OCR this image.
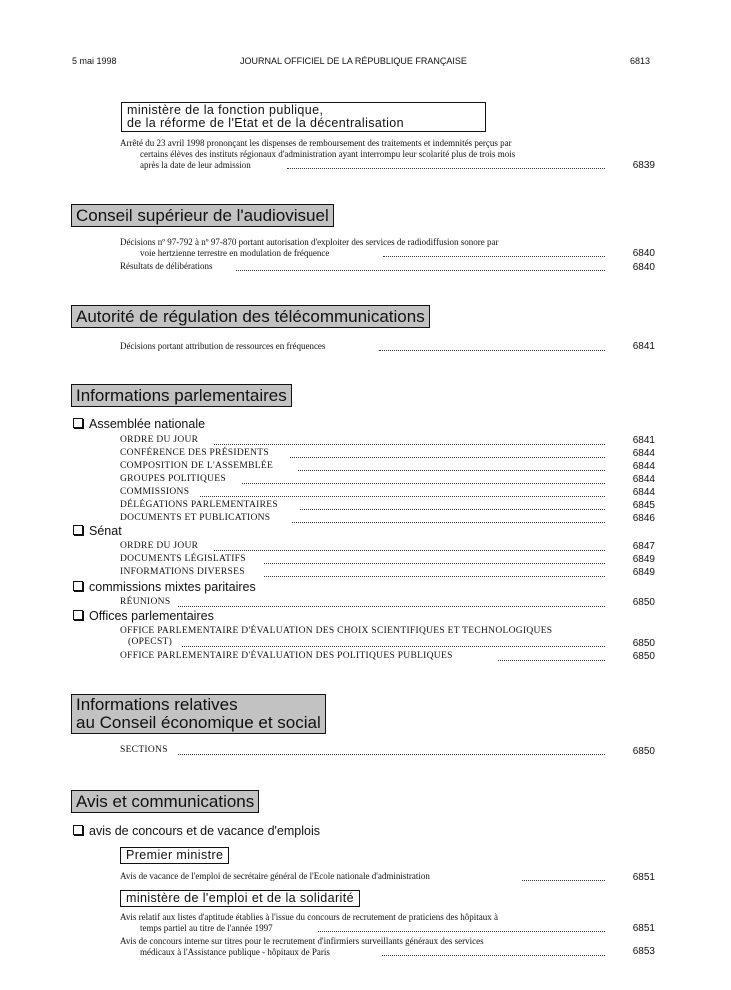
5 mai 1998	JOURNAL OFFICIEL DE LA RÉPUBLIQUE FRANÇAISE	6813
ministère de la fonction publique,
de la réforme de l'Etat et de la décentralisation
Arrêté du 23 avril 1998 prononçant les dispenses de remboursement des traitements et indemnités perçus par
certains élèves des instituts régionaux d'administration ayant interrompu leur scolarité plus de trois mois
après la date de leur admission	6839
Conseil supérieur de l'audiovisuel
Décisions nº 97-792 à nº 97-870 portant autorisation d'exploiter des services de radiodiffusion sonore par
voie hertzienne terrestre en modulation de fréquence	6840
Résultats de délibérations	6840
Autorité de régulation des télécommunications
Décisions portant attribution de ressources en fréquences	6841
Informations parlementaires
Assemblée nationale
ORDRE DU JOUR	6841
CONFÉRENCE DES PRÉSIDENTS	6844
COMPOSITION DE L'ASSEMBLÉE	6844
GROUPES POLITIQUES	6844
COMMISSIONS	6844
DÉLÉGATIONS PARLEMENTAIRES	6845
DOCUMENTS ET PUBLICATIONS	6846
Sénat
ORDRE DU JOUR	6847
DOCUMENTS LÉGISLATIFS	6849
INFORMATIONS DIVERSES	6849
commissions mixtes paritaires
RÉUNIONS	6850
Offices parlementaires
OFFICE PARLEMENTAIRE D'ÉVALUATION DES CHOIX SCIENTIFIQUES ET TECHNOLOGIQUES
(OPECST)	6850
OFFICE PARLEMENTAIRE D'ÉVALUATION DES POLITIQUES PUBLIQUES	6850
Informations relatives
au Conseil économique et social
SECTIONS	6850
Avis et communications
avis de concours et de vacance d'emplois
Premier ministre
Avis de vacance de l'emploi de secrétaire général de l'Ecole nationale d'administration	6851
ministère de l'emploi et de la solidarité
Avis relatif aux listes d'aptitude établies à l'issue du concours de recrutement de praticiens des hôpitaux à
temps partiel au titre de l'année 1997	6851
Avis de concours interne sur titres pour le recrutement d'infirmiers surveillants généraux des services
médicaux à l'Assistance publique - hôpitaux de Paris	6853
